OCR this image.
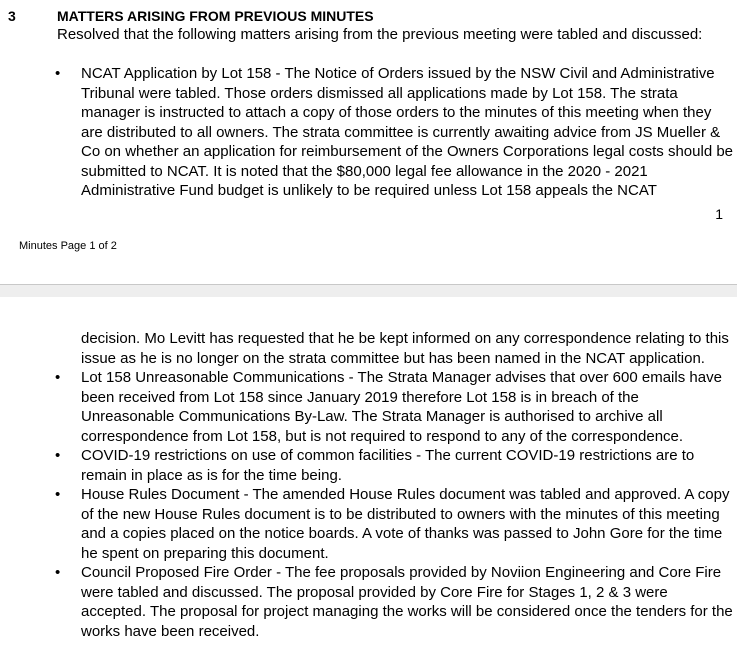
3	MATTERS ARISING FROM PREVIOUS MINUTES
Resolved that the following matters arising from the previous meeting were tabled and discussed:
• NCAT Application by Lot 158 - The Notice of Orders issued by the NSW Civil and Administrative Tribunal were tabled. Those orders dismissed all applications made by Lot 158. The strata manager is instructed to attach a copy of those orders to the minutes of this meeting when they are distributed to all owners. The strata committee is currently awaiting advice from JS Mueller & Co on whether an application for reimbursement of the Owners Corporations legal costs should be submitted to NCAT. It is noted that the $80,000 legal fee allowance in the 2020 - 2021 Administrative Fund budget is unlikely to be required unless Lot 158 appeals the NCAT
1
Minutes Page 1 of 2
decision. Mo Levitt has requested that he be kept informed on any correspondence relating to this issue as he is no longer on the strata committee but has been named in the NCAT application.
• Lot 158 Unreasonable Communications - The Strata Manager advises that over 600 emails have been received from Lot 158 since January 2019 therefore Lot 158 is in breach of the Unreasonable Communications By-Law. The Strata Manager is authorised to archive all correspondence from Lot 158, but is not required to respond to any of the correspondence.
• COVID-19 restrictions on use of common facilities - The current COVID-19 restrictions are to remain in place as is for the time being.
• House Rules Document - The amended House Rules document was tabled and approved. A copy of the new House Rules document is to be distributed to owners with the minutes of this meeting and a copies placed on the notice boards. A vote of thanks was passed to John Gore for the time he spent on preparing this document.
• Council Proposed Fire Order - The fee proposals provided by Noviion Engineering and Core Fire were tabled and discussed. The proposal provided by Core Fire for Stages 1, 2 & 3 were accepted. The proposal for project managing the works will be considered once the tenders for the works have been received.
